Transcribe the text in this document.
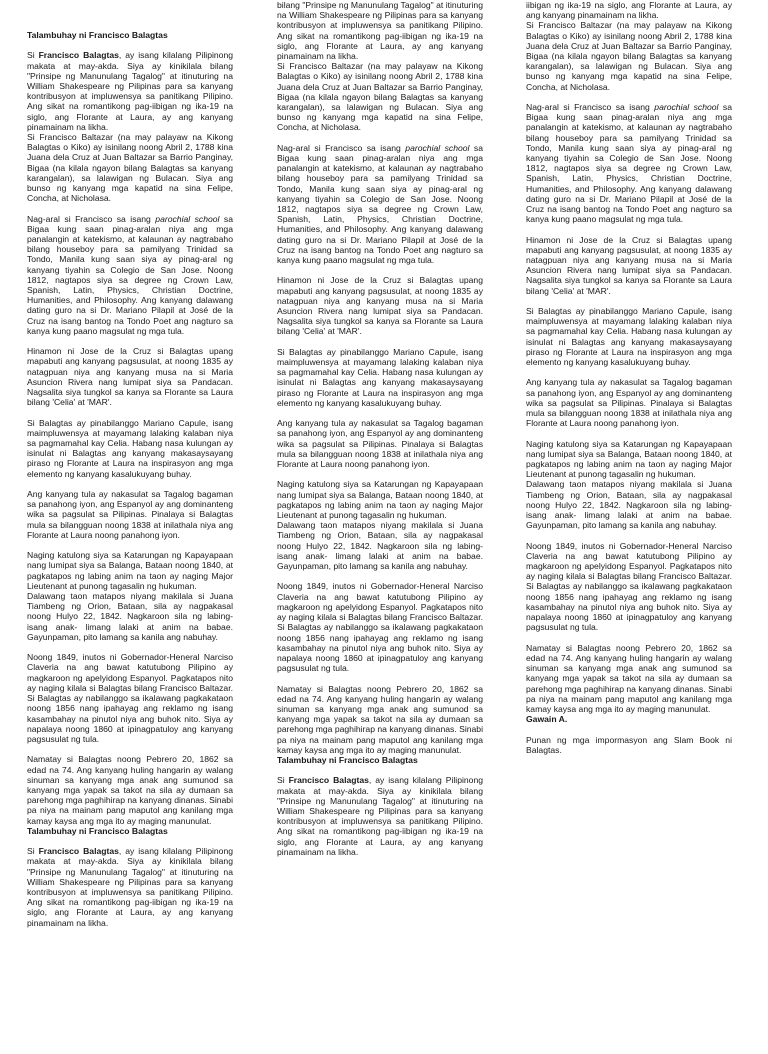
Talambuhay ni Francisco Balagtas

Si Francisco Balagtas, ay isang kilalang Pilipinong makata at may-akda. Siya ay kinikilala bilang "Prinsipe ng Manunulang Tagalog" at itinuturing na William Shakespeare ng Pilipinas para sa kanyang kontribusyon at impluwensya sa panitikang Pilipino. Ang sikat na romantikong pag-iibigan ng ika-19 na siglo, ang Florante at Laura, ay ang kanyang pinamainam na likha.

Si Francisco Baltazar (na may palayaw na Kikong Balagtas o Kiko) ay isinilang noong Abril 2, 1788 kina Juana dela Cruz at Juan Baltazar sa Barrio Panginay, Bigaa (na kilala ngayon bilang Balagtas sa kanyang karangalan), sa lalawigan ng Bulacan. Siya ang bunso ng kanyang mga kapatid na sina Felipe, Concha, at Nicholasa.

Nag-aral si Francisco sa isang parochial school sa Bigaa kung saan pinag-aralan niya ang mga panalangin at katekismo, at kalaunan ay nagtrabaho bilang houseboy para sa pamilyang Trinidad sa Tondo, Manila kung saan siya ay pinag-aral ng kanyang tiyahin sa Colegio de San Jose. Noong 1812, nagtapos siya sa degree ng Crown Law, Spanish, Latin, Physics, Christian Doctrine, Humanities, and Philosophy. Ang kanyang dalawang dating guro na si Dr. Mariano Pilapil at José de la Cruz na isang bantog na Tondo Poet ang nagturo sa kanya kung paano magsulat ng mga tula.

Hinamon ni Jose de la Cruz si Balagtas upang mapabuti ang kanyang pagsusulat, at noong 1835 ay natagpuan niya ang kanyang musa na si Maria Asuncion Rivera nang lumipat siya sa Pandacan. Nagsalita siya tungkol sa kanya sa Florante sa Laura bilang 'Celia' at 'MAR'.

Si Balagtas ay pinabilanggo Mariano Capule, isang maimpluwensya at mayamang lalaking kalaban niya sa pagmamahal kay Celia. Habang nasa kulungan ay isinulat ni Balagtas ang kanyang makasaysayang piraso ng Florante at Laura na inspirasyon ang mga elemento ng kanyang kasalukuyang buhay.

Ang kanyang tula ay nakasulat sa Tagalog bagaman sa panahong iyon, ang Espanyol ay ang dominanteng wika sa pagsulat sa Pilipinas. Pinalaya si Balagtas mula sa bilangguan noong 1838 at inilathala niya ang Florante at Laura noong panahong iyon.

Naging katulong siya sa Katarungan ng Kapayapaan nang lumipat siya sa Balanga, Bataan noong 1840, at pagkatapos ng labing anim na taon ay naging Major Lieutenant at punong tagasalin ng hukuman.

Dalawang taon matapos niyang makilala si Juana Tiambeng ng Orion, Bataan, sila ay nagpakasal noong Hulyo 22, 1842. Nagkaroon sila ng labing-isang anak- limang lalaki at anim na babae. Gayunpaman, pito lamang sa kanila ang nabuhay.

Noong 1849, inutos ni Gobernador-Heneral Narciso Claveria na ang bawat katutubong Pilipino ay magkaroon ng apelyidong Espanyol. Pagkatapos nito ay naging kilala si Balagtas bilang Francisco Baltazar. Si Balagtas ay nabilanggo sa ikalawang pagkakataon noong 1856 nang ipahayag ang reklamo ng isang kasambahay na pinutol niya ang buhok nito. Siya ay napalaya noong 1860 at ipinagpatuloy ang kanyang pagsusulat ng tula.

Namatay si Balagtas noong Pebrero 20, 1862 sa edad na 74. Ang kanyang huling hangarin ay walang sinuman sa kanyang mga anak ang sumunod sa kanyang mga yapak sa takot na sila ay dumaan sa parehong mga paghihirap na kanyang dinanas. Sinabi pa niya na mainam pang maputol ang kanilang mga kamay kaysa ang mga ito ay maging manunulat.

Talambuhay ni Francisco Balagtas

Si Francisco Balagtas, ay isang kilalang Pilipinong makata at may-akda. Siya ay kinikilala bilang "Prinsipe ng Manunulang Tagalog" at itinuturing na William Shakespeare ng Pilipinas para sa kanyang kontribusyon at impluwensya sa panitikang Pilipino. Ang sikat na romantikong pag-iibigan ng ika-19 na siglo, ang Florante at Laura, ay ang kanyang pinamainam na likha.

bilang "Prinsipe ng Manunulang Tagalog" at itinuturing na William Shakespeare ng Pilipinas para sa kanyang kontribusyon at impluwensya sa panitikang Pilipino. Ang sikat na romantikong pag-iibigan ng ika-19 na siglo, ang Florante at Laura, ay ang kanyang pinamainam na likha.

Si Francisco Baltazar (na may palayaw na Kikong Balagtas o Kiko) ay isinilang noong Abril 2, 1788 kina Juana dela Cruz at Juan Baltazar sa Barrio Panginay, Bigaa (na kilala ngayon bilang Balagtas sa kanyang karangalan), sa lalawigan ng Bulacan. Siya ang bunso ng kanyang mga kapatid na sina Felipe, Concha, at Nicholasa.

Nag-aral si Francisco sa isang parochial school sa Bigaa kung saan pinag-aralan niya ang mga panalangin at katekismo, at kalaunan ay nagtrabaho bilang houseboy para sa pamilyang Trinidad sa Tondo, Manila kung saan siya ay pinag-aral ng kanyang tiyahin sa Colegio de San Jose. Noong 1812, nagtapos siya sa degree ng Crown Law, Spanish, Latin, Physics, Christian Doctrine, Humanities, and Philosophy. Ang kanyang dalawang dating guro na si Dr. Mariano Pilapil at José de la Cruz na isang bantog na Tondo Poet ang nagturo sa kanya kung paano magsulat ng mga tula.

Hinamon ni Jose de la Cruz si Balagtas upang mapabuti ang kanyang pagsusulat, at noong 1835 ay natagpuan niya ang kanyang musa na si Maria Asuncion Rivera nang lumipat siya sa Pandacan. Nagsalita siya tungkol sa kanya sa Florante sa Laura bilang 'Celia' at 'MAR'.

Si Balagtas ay pinabilanggo Mariano Capule, isang maimpluwensya at mayamang lalaking kalaban niya sa pagmamahal kay Celia. Habang nasa kulungan ay isinulat ni Balagtas ang kanyang makasaysayang piraso ng Florante at Laura na inspirasyon ang mga elemento ng kanyang kasalukuyang buhay.

Ang kanyang tula ay nakasulat sa Tagalog bagaman sa panahong iyon, ang Espanyol ay ang dominanteng wika sa pagsulat sa Pilipinas. Pinalaya si Balagtas mula sa bilangguan noong 1838 at inilathala niya ang Florante at Laura noong panahong iyon.

Naging katulong siya sa Katarungan ng Kapayapaan nang lumipat siya sa Balanga, Bataan noong 1840, at pagkatapos ng labing anim na taon ay naging Major Lieutenant at punong tagasalin ng hukuman.

Dalawang taon matapos niyang makilala si Juana Tiambeng ng Orion, Bataan, sila ay nagpakasal noong Hulyo 22, 1842. Nagkaroon sila ng labing-isang anak- limang lalaki at anim na babae. Gayunpaman, pito lamang sa kanila ang nabuhay.

Noong 1849, inutos ni Gobernador-Heneral Narciso Claveria na ang bawat katutubong Pilipino ay magkaroon ng apelyidong Espanyol. Pagkatapos nito ay naging kilala si Balagtas bilang Francisco Baltazar. Si Balagtas ay nabilanggo sa ikalawang pagkakataon noong 1856 nang ipahayag ang reklamo ng isang kasambahay na pinutol niya ang buhok nito. Siya ay napalaya noong 1860 at ipinagpatuloy ang kanyang pagsusulat ng tula.

Namatay si Balagtas noong Pebrero 20, 1862 sa edad na 74. Ang kanyang huling hangarin ay walang sinuman sa kanyang mga anak ang sumunod sa kanyang mga yapak sa takot na sila ay dumaan sa parehong mga paghihirap na kanyang dinanas. Sinabi pa niya na mainam pang maputol ang kanilang mga kamay kaysa ang mga ito ay maging manunulat.

Talambuhay ni Francisco Balagtas

Si Francisco Balagtas, ay isang kilalang Pilipinong makata at may-akda. Siya ay kinikilala bilang "Prinsipe ng Manunulang Tagalog" at itinuturing na William Shakespeare ng Pilipinas para sa kanyang kontribusyon at impluwensya sa panitikang Pilipino. Ang sikat na romantikong pag-iibigan ng ika-19 na siglo, ang Florante at Laura, ay ang kanyang pinamainam na likha.

iibigan ng ika-19 na siglo, ang Florante at Laura, ay ang kanyang pinamainam na likha.

Si Francisco Baltazar (na may palayaw na Kikong Balagtas o Kiko) ay isinilang noong Abril 2, 1788 kina Juana dela Cruz at Juan Baltazar sa Barrio Panginay, Bigaa (na kilala ngayon bilang Balagtas sa kanyang karangalan), sa lalawigan ng Bulacan. Siya ang bunso ng kanyang mga kapatid na sina Felipe, Concha, at Nicholasa.

Nag-aral si Francisco sa isang parochial school sa Bigaa kung saan pinag-aralan niya ang mga panalangin at katekismo, at kalaunan ay nagtrabaho bilang houseboy para sa pamilyang Trinidad sa Tondo, Manila kung saan siya ay pinag-aral ng kanyang tiyahin sa Colegio de San Jose. Noong 1812, nagtapos siya sa degree ng Crown Law, Spanish, Latin, Physics, Christian Doctrine, Humanities, and Philosophy. Ang kanyang dalawang dating guro na si Dr. Mariano Pilapil at José de la Cruz na isang bantog na Tondo Poet ang nagturo sa kanya kung paano magsulat ng mga tula.

Hinamon ni Jose de la Cruz si Balagtas upang mapabuti ang kanyang pagsusulat, at noong 1835 ay natagpuan niya ang kanyang musa na si Maria Asuncion Rivera nang lumipat siya sa Pandacan. Nagsalita siya tungkol sa kanya sa Florante sa Laura bilang 'Celia' at 'MAR'.

Si Balagtas ay pinabilanggo Mariano Capule, isang maimpluwensya at mayamang lalaking kalaban niya sa pagmamahal kay Celia. Habang nasa kulungan ay isinulat ni Balagtas ang kanyang makasaysayang piraso ng Florante at Laura na inspirasyon ang mga elemento ng kanyang kasalukuyang buhay.

Ang kanyang tula ay nakasulat sa Tagalog bagaman sa panahong iyon, ang Espanyol ay ang dominanteng wika sa pagsulat sa Pilipinas. Pinalaya si Balagtas mula sa bilangguan noong 1838 at inilathala niya ang Florante at Laura noong panahong iyon.

Naging katulong siya sa Katarungan ng Kapayapaan nang lumipat siya sa Balanga, Bataan noong 1840, at pagkatapos ng labing anim na taon ay naging Major Lieutenant at punong tagasalin ng hukuman.

Dalawang taon matapos niyang makilala si Juana Tiambeng ng Orion, Bataan, sila ay nagpakasal noong Hulyo 22, 1842. Nagkaroon sila ng labing-isang anak- limang lalaki at anim na babae. Gayunpaman, pito lamang sa kanila ang nabuhay.

Noong 1849, inutos ni Gobernador-Heneral Narciso Claveria na ang bawat katutubong Pilipino ay magkaroon ng apelyidong Espanyol. Pagkatapos nito ay naging kilala si Balagtas bilang Francisco Baltazar. Si Balagtas ay nabilanggo sa ikalawang pagkakataon noong 1856 nang ipahayag ang reklamo ng isang kasambahay na pinutol niya ang buhok nito. Siya ay napalaya noong 1860 at ipinagpatuloy ang kanyang pagsusulat ng tula.

Namatay si Balagtas noong Pebrero 20, 1862 sa edad na 74. Ang kanyang huling hangarin ay walang sinuman sa kanyang mga anak ang sumunod sa kanyang mga yapak sa takot na sila ay dumaan sa parehong mga paghihirap na kanyang dinanas. Sinabi pa niya na mainam pang maputol ang kanilang mga kamay kaysa ang mga ito ay maging manunulat.

Gawain A.

Punan ng mga impormasyon ang Slam Book ni Balagtas.
